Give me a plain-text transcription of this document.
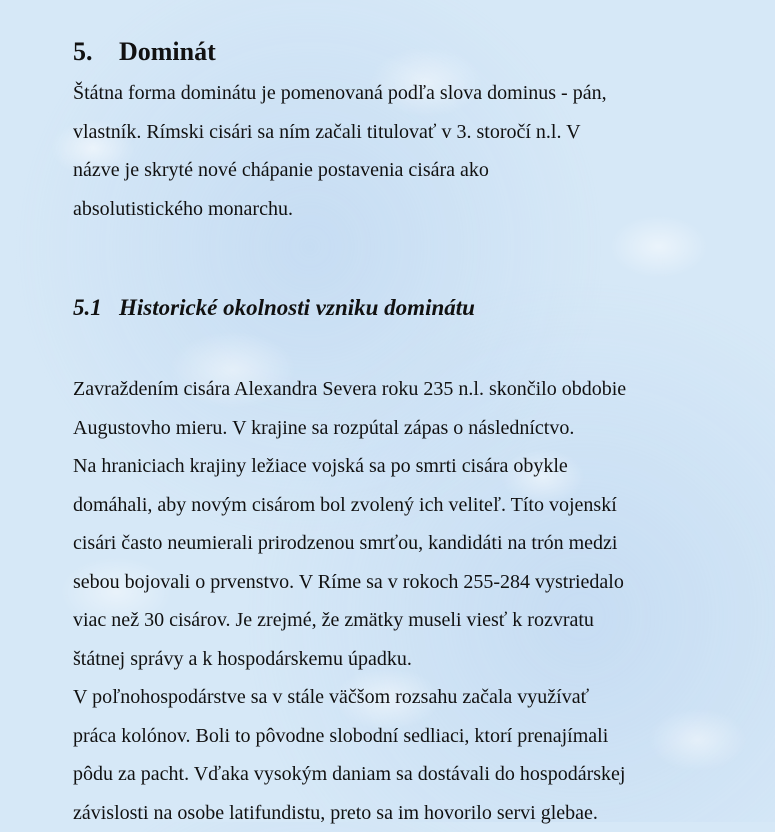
5. Dominát

Štátna forma dominátu je pomenovaná podľa slova dominus - pán,
vlastník. Rímski cisári sa ním začali titulovať v 3. storočí n.l. V
názve je skryté nové chápanie postavenia cisára ako
absolutistického monarchu.

5.1 Historické okolnosti vzniku dominátu

Zavraždením cisára Alexandra Severa roku 235 n.l. skončilo obdobie
Augustovho mieru. V krajine sa rozpútal zápas o následníctvo.
Na hraniciach krajiny ležiace vojská sa po smrti cisára obykle
domáhali, aby novým cisárom bol zvolený ich veliteľ. Títo vojenskí
cisári často neumierali prirodzenou smrťou, kandidáti na trón medzi
sebou bojovali o prvenstvo. V Ríme sa v rokoch 255-284 vystriedalo
viac než 30 cisárov. Je zrejmé, že zmätky museli viesť k rozvratu
štátnej správy a k hospodárskemu úpadku.
V poľnohospodárstve sa v stále väčšom rozsahu začala využívať
práca kolónov. Boli to pôvodne slobodní sedliaci, ktorí prenajímali
pôdu za pacht. Vďaka vysokým daniam sa dostávali do hospodárskej
závislosti na osobe latifundistu, preto sa im hovorilo servi glebae.
